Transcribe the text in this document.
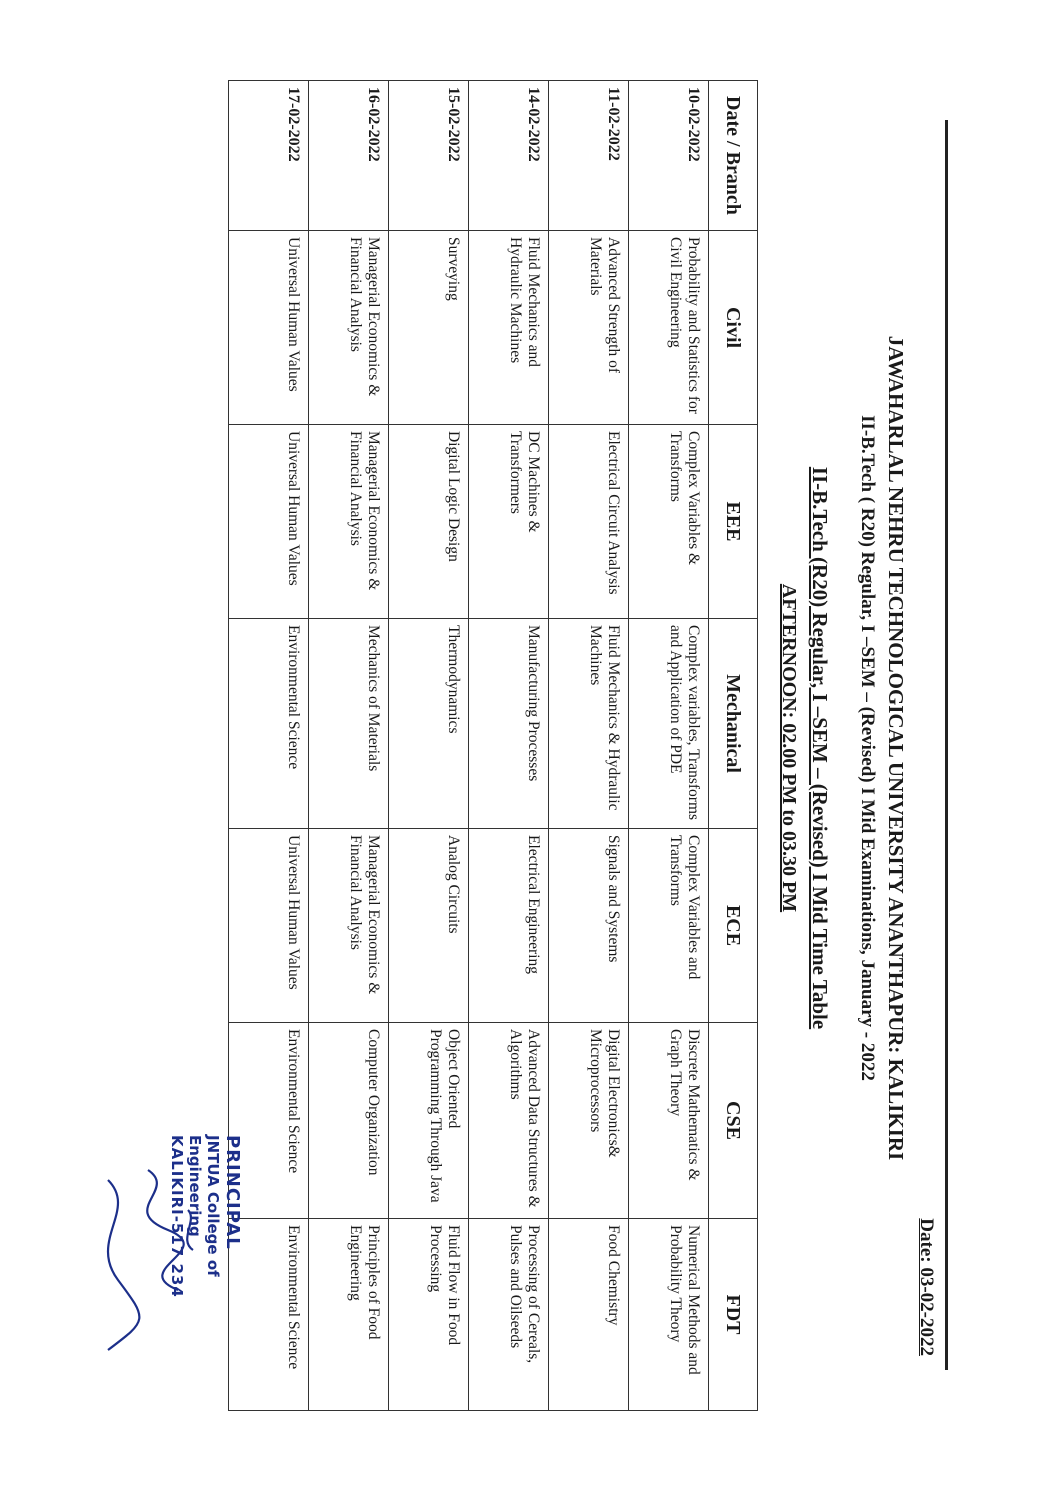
Date: 03-02-2022
JAWAHARLAL NEHRU TECHNOLOGICAL UNIVERSITY ANANTHAPUR: KALIKIRI
II-B.Tech ( R20) Regular, I –SEM – (Revised) I Mid Examinations, January - 2022
II-B.Tech (R20) Regular, I –SEM – (Revised) I Mid Time Table
AFTERNOON: 02.00 PM to 03.30 PM
Date / Branch	Civil	EEE	Mechanical	ECE	CSE	FDT
10-02-2022	Probability and Statistics for Civil Engineering	Complex Variables & Transforms	Complex variables, Transforms and Application of PDE	Complex Variables and Transforms	Discrete Mathematics & Graph Theory	Numerical Methods and Probability Theory
11-02-2022	Advanced Strength of Materials	Electrical Circuit Analysis	Fluid Mechanics & Hydraulic Machines	Signals and Systems	Digital Electronics& Microprocessors	Food Chemistry
14-02-2022	Fluid Mechanics and Hydraulic Machines	DC Machines & Transformers	Manufacturing Processes	Electrical Engineering	Advanced Data Structures & Algorithms	Processing of Cereals, Pulses and Oilseeds
15-02-2022	Surveying	Digital Logic Design	Thermodynamics	Analog Circuits	Object Oriented Programming Through Java	Fluid Flow in Food Processing
16-02-2022	Managerial Economics & Financial Analysis	Managerial Economics & Financial Analysis	Mechanics of Materials	Managerial Economics & Financial Analysis	Computer Organization	Principles of Food Engineering
17-02-2022	Universal Human Values	Universal Human Values	Environmental Science	Universal Human Values	Environmental Science	Environmental Science
PRINCIPAL
JNTUA College of Engineering
KALIKIRI-517 234
